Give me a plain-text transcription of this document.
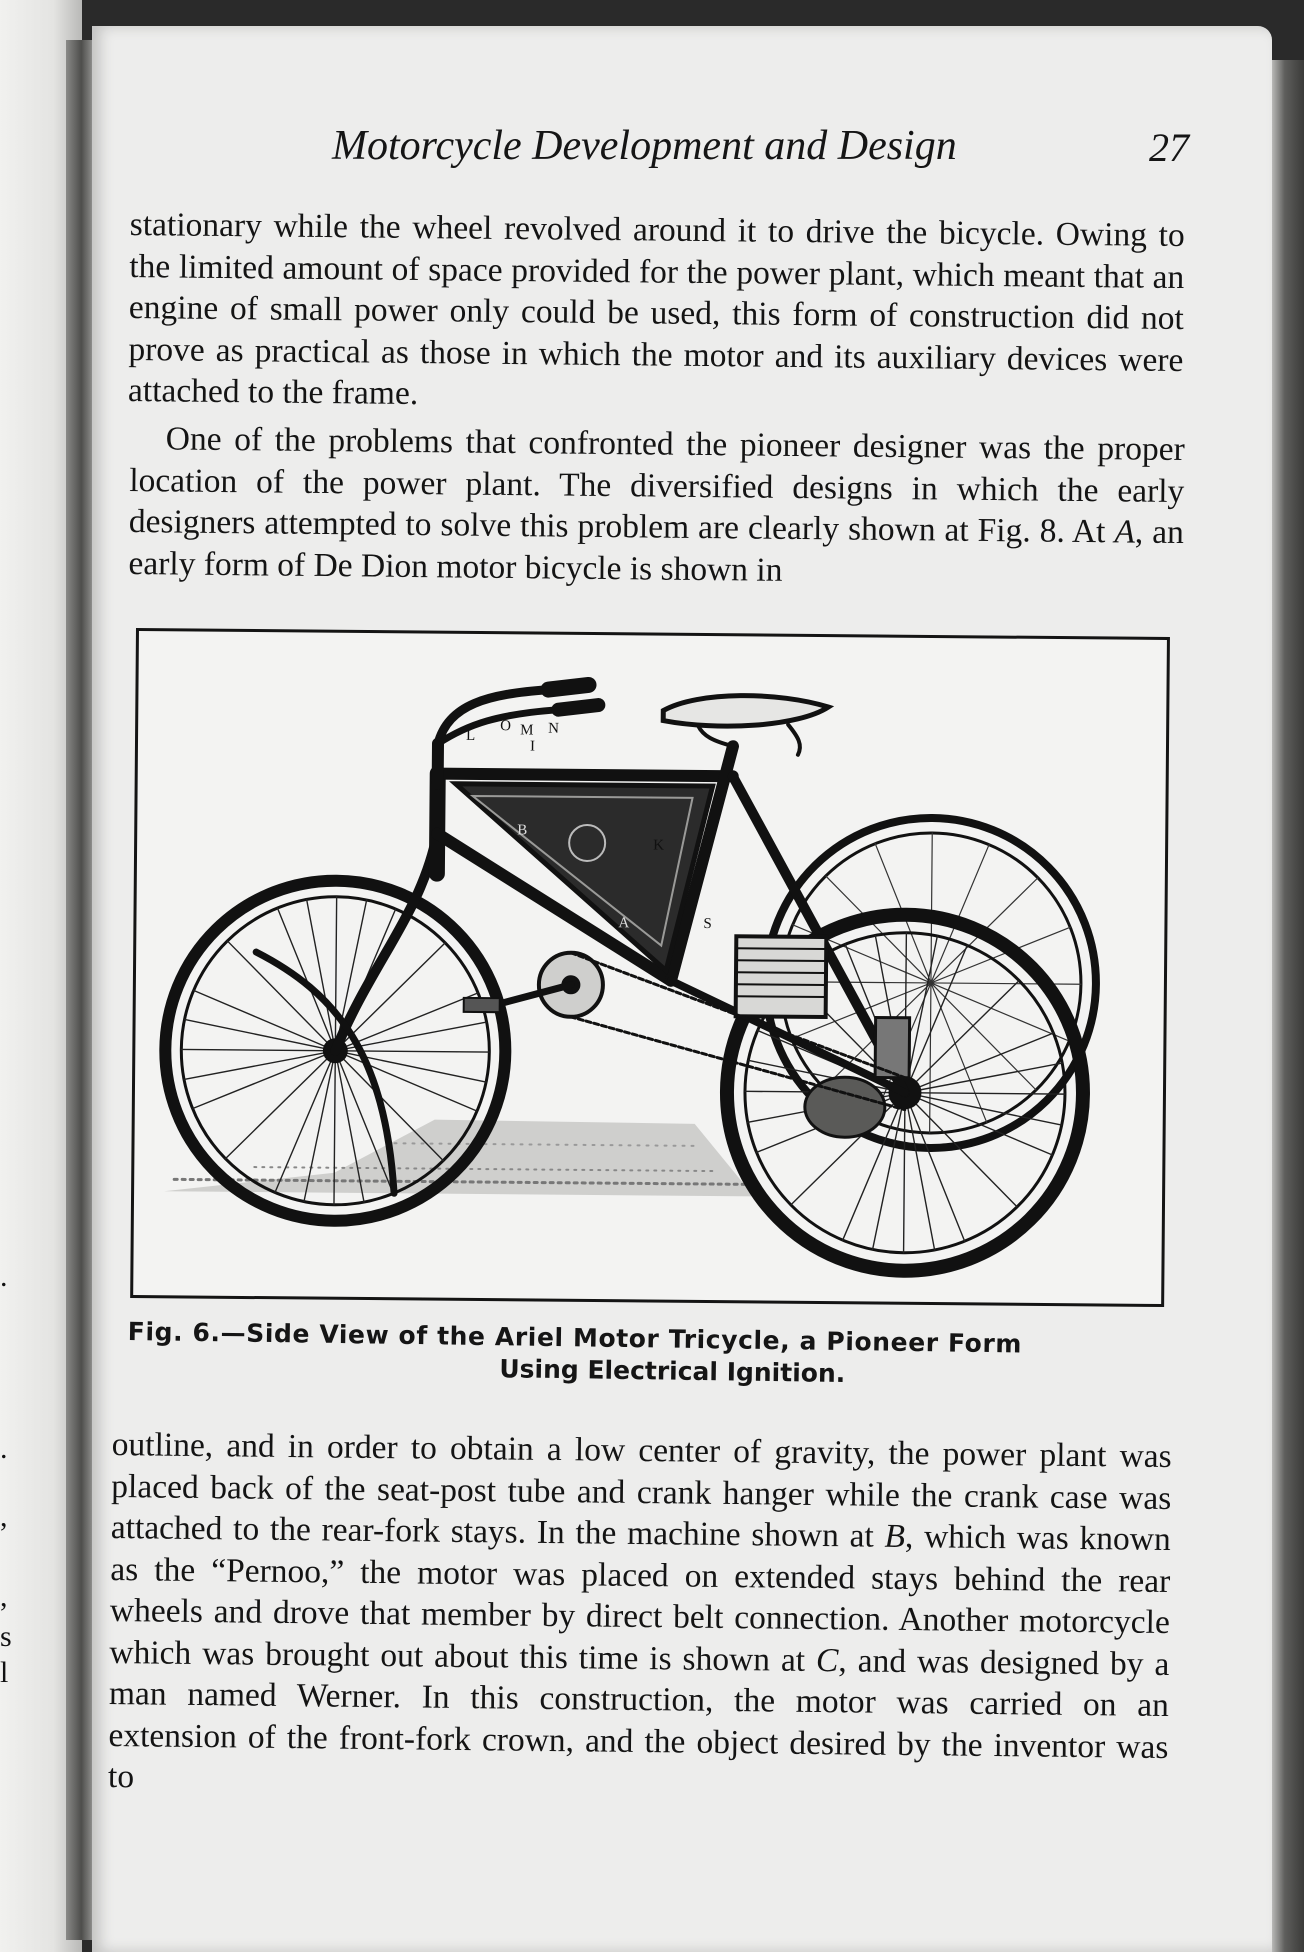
.
.
,
,
s
l
Motorcycle Development and Design	27

stationary while the wheel revolved around it to drive the bicycle. Owing to the limited amount of space provided for the power plant, which meant that an engine of small power only could be used, this form of construction did not prove as practical as those in which the motor and its auxiliary devices were attached to the frame.

One of the problems that confronted the pioneer designer was the proper location of the power plant. The diversified designs in which the early designers attempted to solve this problem are clearly shown at Fig. 8. At A, an early form of De Dion motor bicycle is shown in

L
O M N
I
B
K
A	S
Fig. 6.—Side View of the Ariel Motor Tricycle, a Pioneer Form
Using Electrical Ignition.

outline, and in order to obtain a low center of gravity, the power plant was placed back of the seat-post tube and crank hanger while the crank case was attached to the rear-fork stays. In the machine shown at B, which was known as the “Pernoo,” the motor was placed on extended stays behind the rear wheels and drove that member by direct belt connection. Another motorcycle which was brought out about this time is shown at C, and was designed by a man named Werner. In this construction, the motor was carried on an extension of the front-fork crown, and the object desired by the inventor was to
